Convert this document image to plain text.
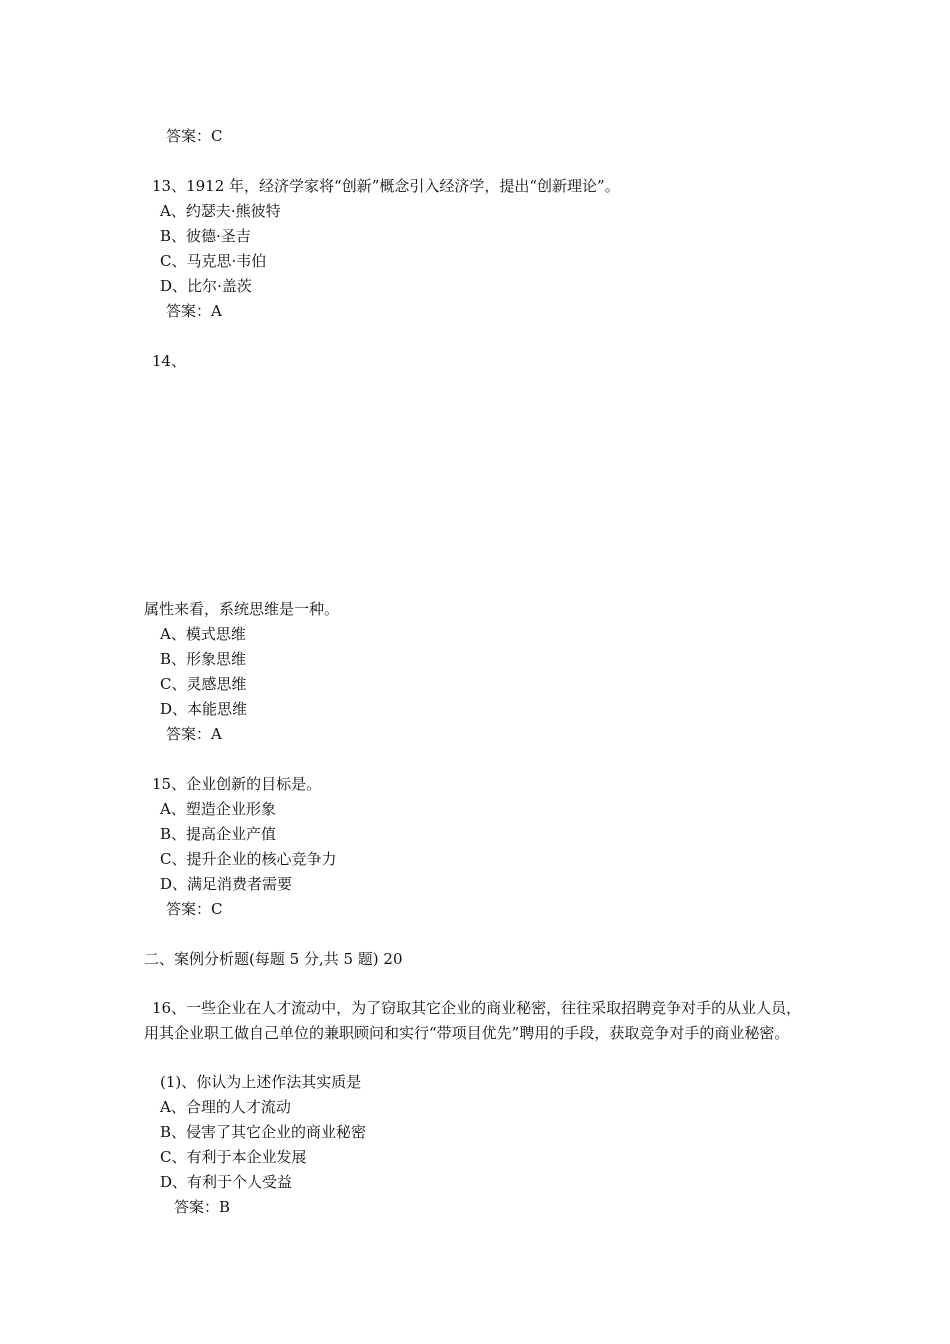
答案：C
13、1912 年，经济学家将“创新”概念引入经济学，提出“创新理论”。
A、约瑟夫·熊彼特
B、彼德·圣吉
C、马克思·韦伯
D、比尔·盖茨
答案：A
14、
属性来看，系统思维是一种。
A、模式思维
B、形象思维
C、灵感思维
D、本能思维
答案：A
15、企业创新的目标是。
A、塑造企业形象
B、提高企业产值
C、提升企业的核心竞争力
D、满足消费者需要
答案：C
二、案例分析题(每题 5 分,共 5 题) 20
16、一些企业在人才流动中，为了窃取其它企业的商业秘密，往往采取招聘竞争对手的从业人员，用其企业职工做自己单位的兼职顾问和实行“带项目优先”聘用的手段，获取竞争对手的商业秘密。
(1)、你认为上述作法其实质是
A、合理的人才流动
B、侵害了其它企业的商业秘密
C、有利于本企业发展
D、有利于个人受益
答案：B
